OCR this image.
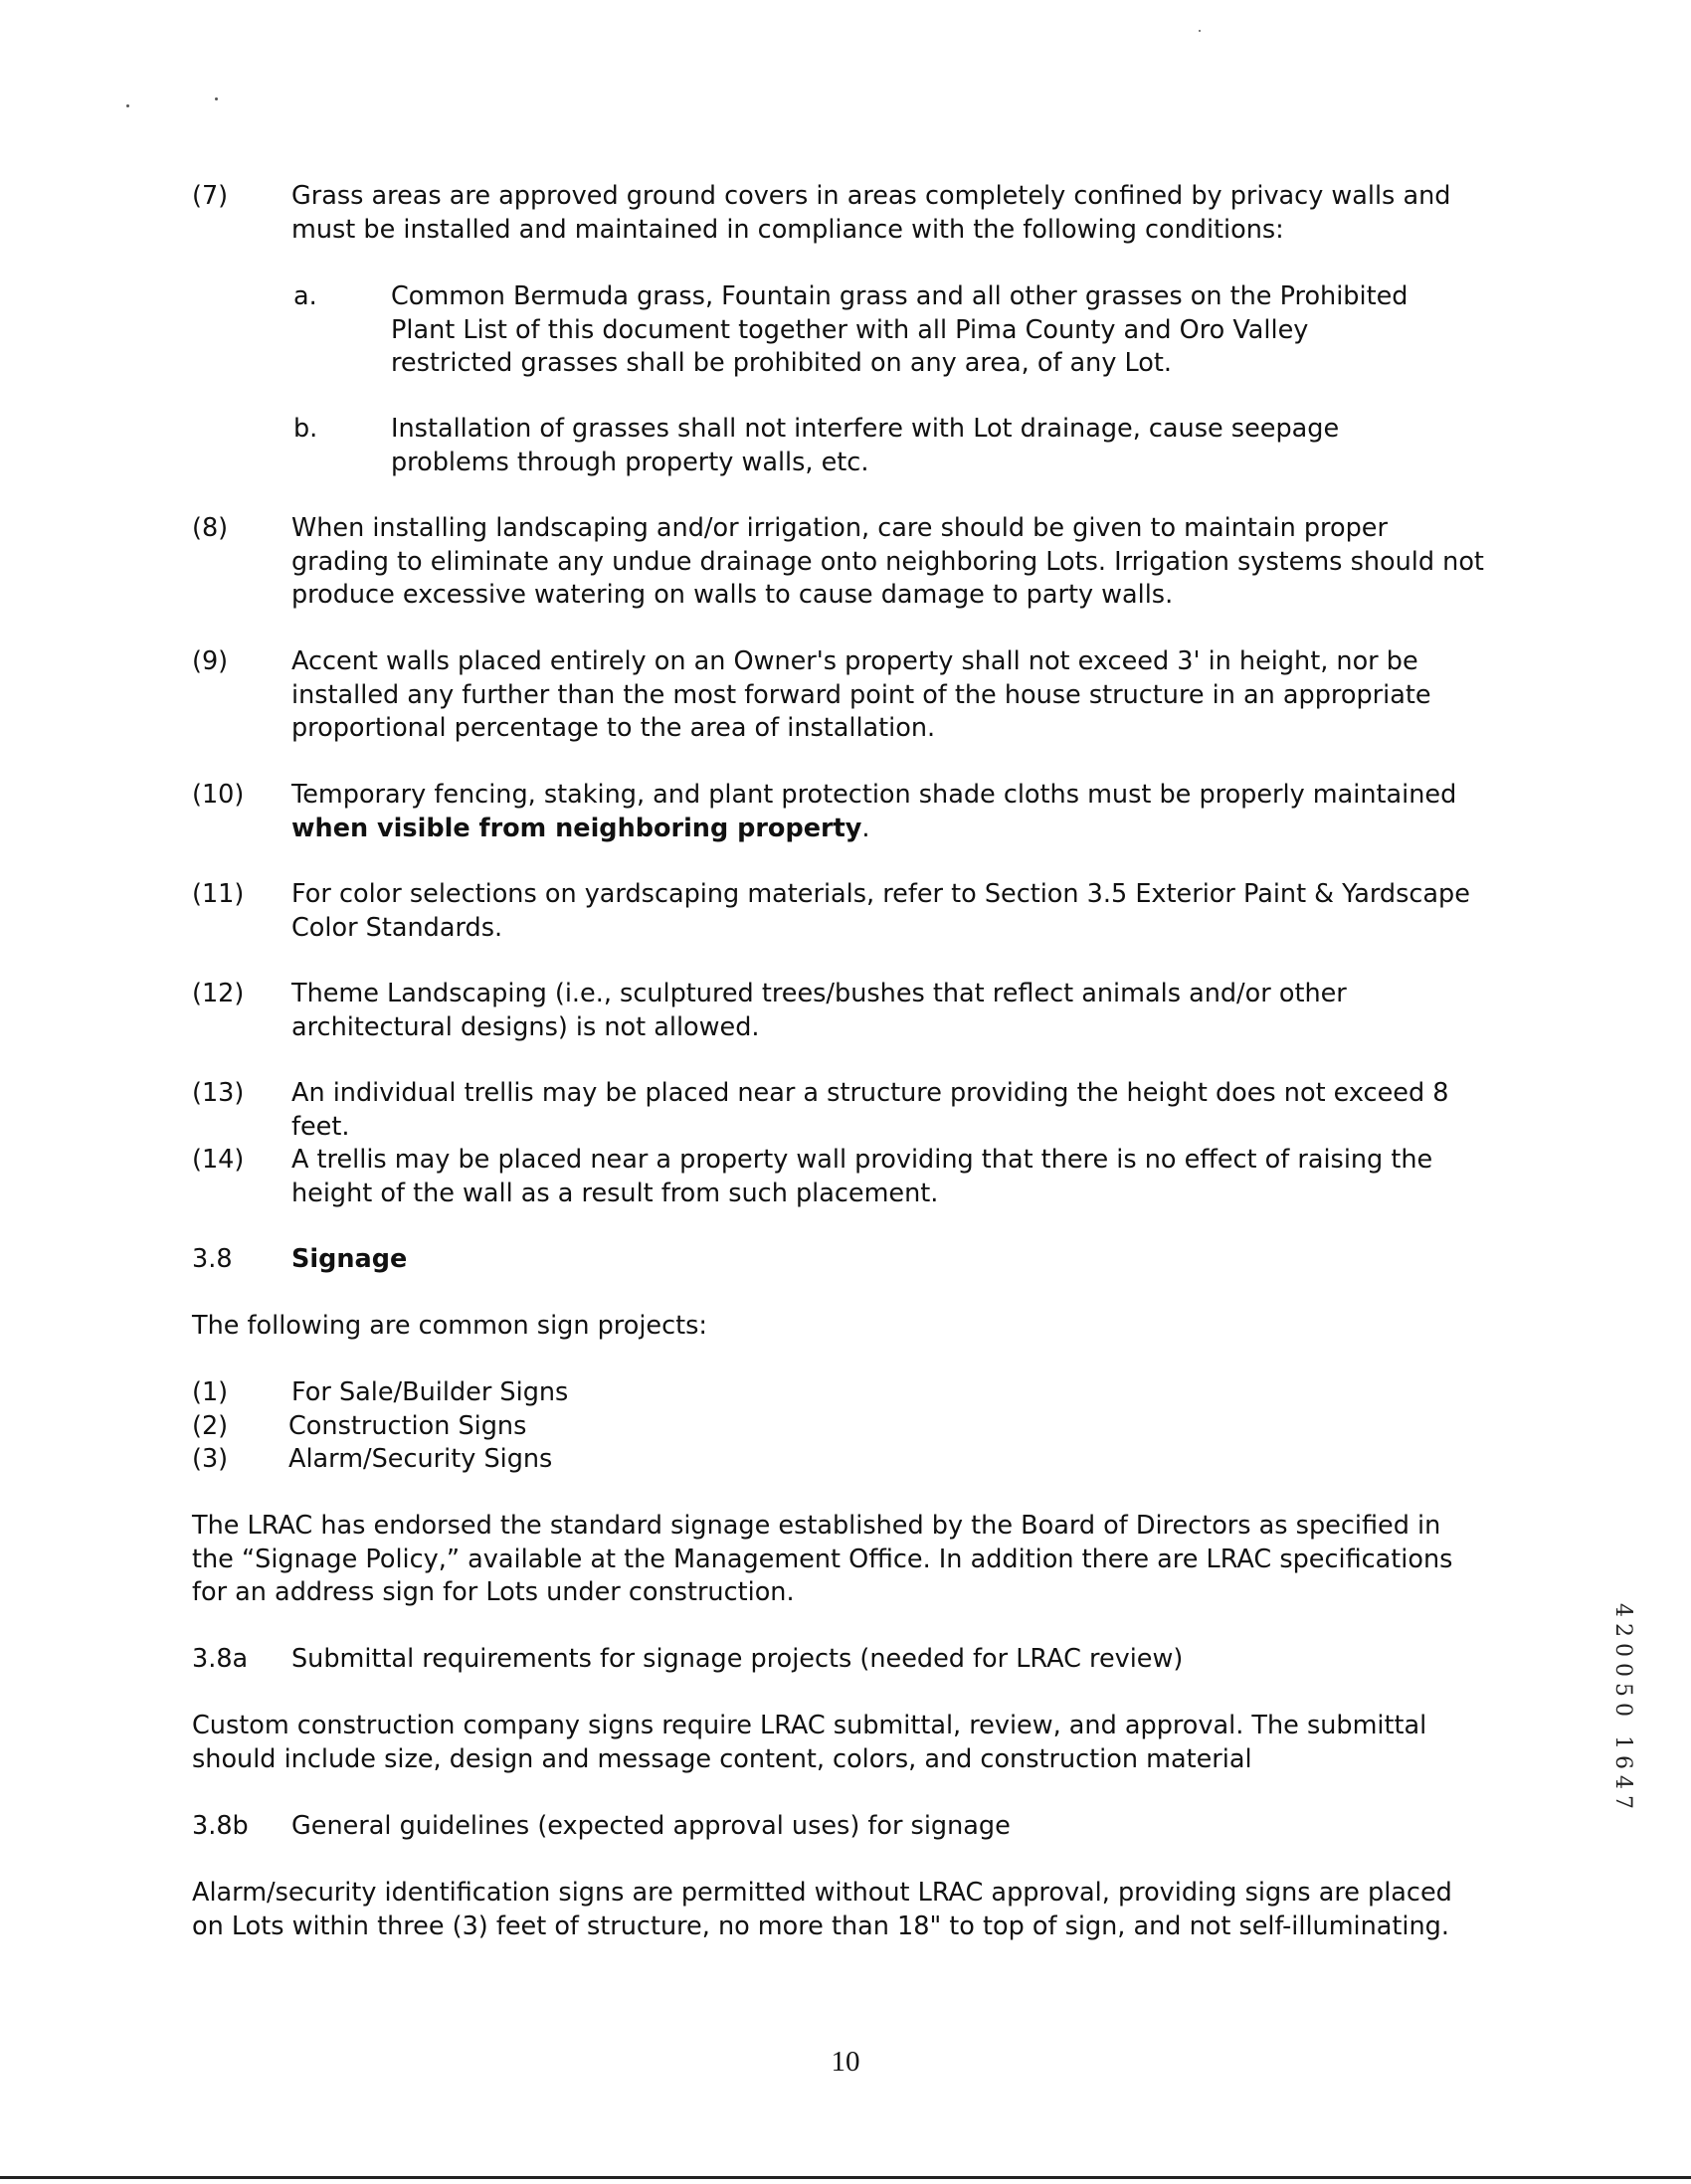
(7)	Grass areas are approved ground covers in areas completely confined by privacy walls and must be installed and maintained in compliance with the following conditions:
a.	Common Bermuda grass, Fountain grass and all other grasses on the Prohibited Plant List of this document together with all Pima County and Oro Valley restricted grasses shall be prohibited on any area, of any Lot.
b.	Installation of grasses shall not interfere with Lot drainage, cause seepage problems through property walls, etc.
(8)	When installing landscaping and/or irrigation, care should be given to maintain proper grading to eliminate any undue drainage onto neighboring Lots. Irrigation systems should not produce excessive watering on walls to cause damage to party walls.
(9)	Accent walls placed entirely on an Owner's property shall not exceed 3' in height, nor be installed any further than the most forward point of the house structure in an appropriate proportional percentage to the area of installation.
(10) Temporary fencing, staking, and plant protection shade cloths must be properly maintained when visible from neighboring property.
(11) For color selections on yardscaping materials, refer to Section 3.5 Exterior Paint & Yardscape Color Standards.
(12) Theme Landscaping (i.e., sculptured trees/bushes that reflect animals and/or other architectural designs) is not allowed.
(13) An individual trellis may be placed near a structure providing the height does not exceed 8 feet.
(14) A trellis may be placed near a property wall providing that there is no effect of raising the height of the wall as a result from such placement.
3.8 Signage
The following are common sign projects:
(1)	For Sale/Builder Signs
(2) Construction Signs
(3) Alarm/Security Signs
The LRAC has endorsed the standard signage established by the Board of Directors as specified in the “Signage Policy,” available at the Management Office. In addition there are LRAC specifications for an address sign for Lots under construction.
3.8a Submittal requirements for signage projects (needed for LRAC review)
Custom construction company signs require LRAC submittal, review, and approval. The submittal should include size, design and message content, colors, and construction material
3.8b General guidelines (expected approval uses) for signage
Alarm/security identification signs are permitted without LRAC approval, providing signs are placed on Lots within three (3) feet of structure, no more than 18" to top of sign, and not self-illuminating.
10
420050 1647
